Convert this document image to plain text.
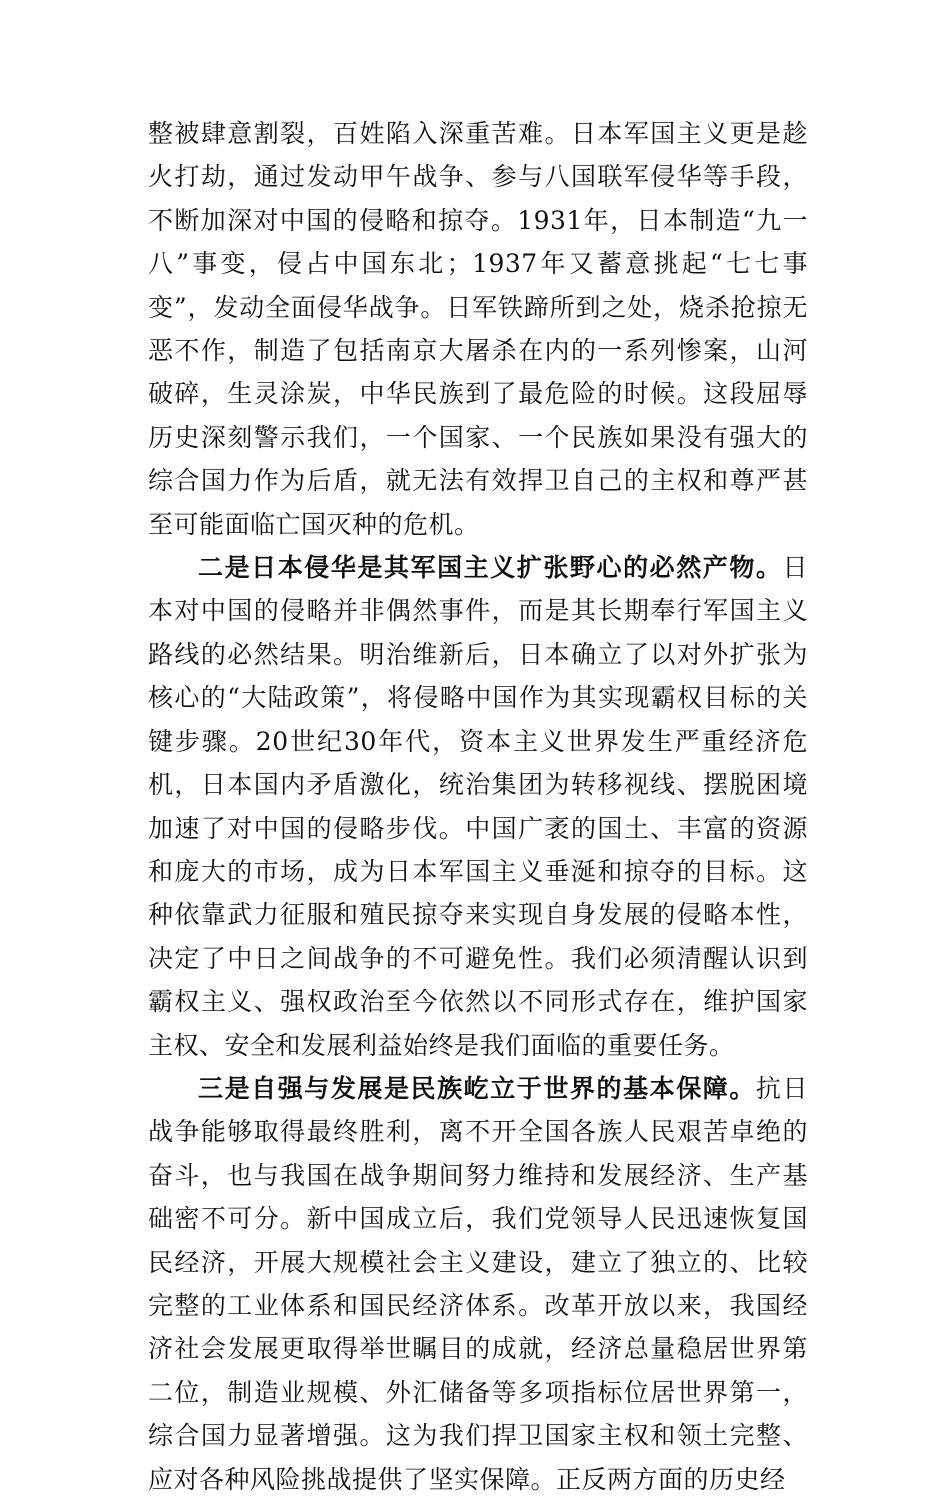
整被肆意割裂，百姓陷入深重苦难。日本军国主义更是趁火打劫，通过发动甲午战争、参与八国联军侵华等手段，不断加深对中国的侵略和掠夺。1931年，日本制造“九一八”事变，侵占中国东北；1937年又蓄意挑起“七七事变”，发动全面侵华战争。日军铁蹄所到之处，烧杀抢掠无恶不作，制造了包括南京大屠杀在内的一系列惨案，山河破碎，生灵涂炭，中华民族到了最危险的时候。这段屈辱历史深刻警示我们，一个国家、一个民族如果没有强大的综合国力作为后盾，就无法有效捍卫自己的主权和尊严甚至可能面临亡国灭种的危机。

二是日本侵华是其军国主义扩张野心的必然产物。日本对中国的侵略并非偶然事件，而是其长期奉行军国主义路线的必然结果。明治维新后，日本确立了以对外扩张为核心的“大陆政策”，将侵略中国作为其实现霸权目标的关键步骤。20世纪30年代，资本主义世界发生严重经济危机，日本国内矛盾激化，统治集团为转移视线、摆脱困境加速了对中国的侵略步伐。中国广袤的国土、丰富的资源和庞大的市场，成为日本军国主义垂涎和掠夺的目标。这种依靠武力征服和殖民掠夺来实现自身发展的侵略本性，决定了中日之间战争的不可避免性。我们必须清醒认识到霸权主义、强权政治至今依然以不同形式存在，维护国家主权、安全和发展利益始终是我们面临的重要任务。

三是自强与发展是民族屹立于世界的基本保障。抗日战争能够取得最终胜利，离不开全国各族人民艰苦卓绝的奋斗，也与我国在战争期间努力维持和发展经济、生产基础密不可分。新中国成立后，我们党领导人民迅速恢复国民经济，开展大规模社会主义建设，建立了独立的、比较完整的工业体系和国民经济体系。改革开放以来，我国经济社会发展更取得举世瞩目的成就，经济总量稳居世界第二位，制造业规模、外汇储备等多项指标位居世界第一，综合国力显著增强。这为我们捍卫国家主权和领土完整、应对各种风险挑战提供了坚实保障。正反两方面的历史经
